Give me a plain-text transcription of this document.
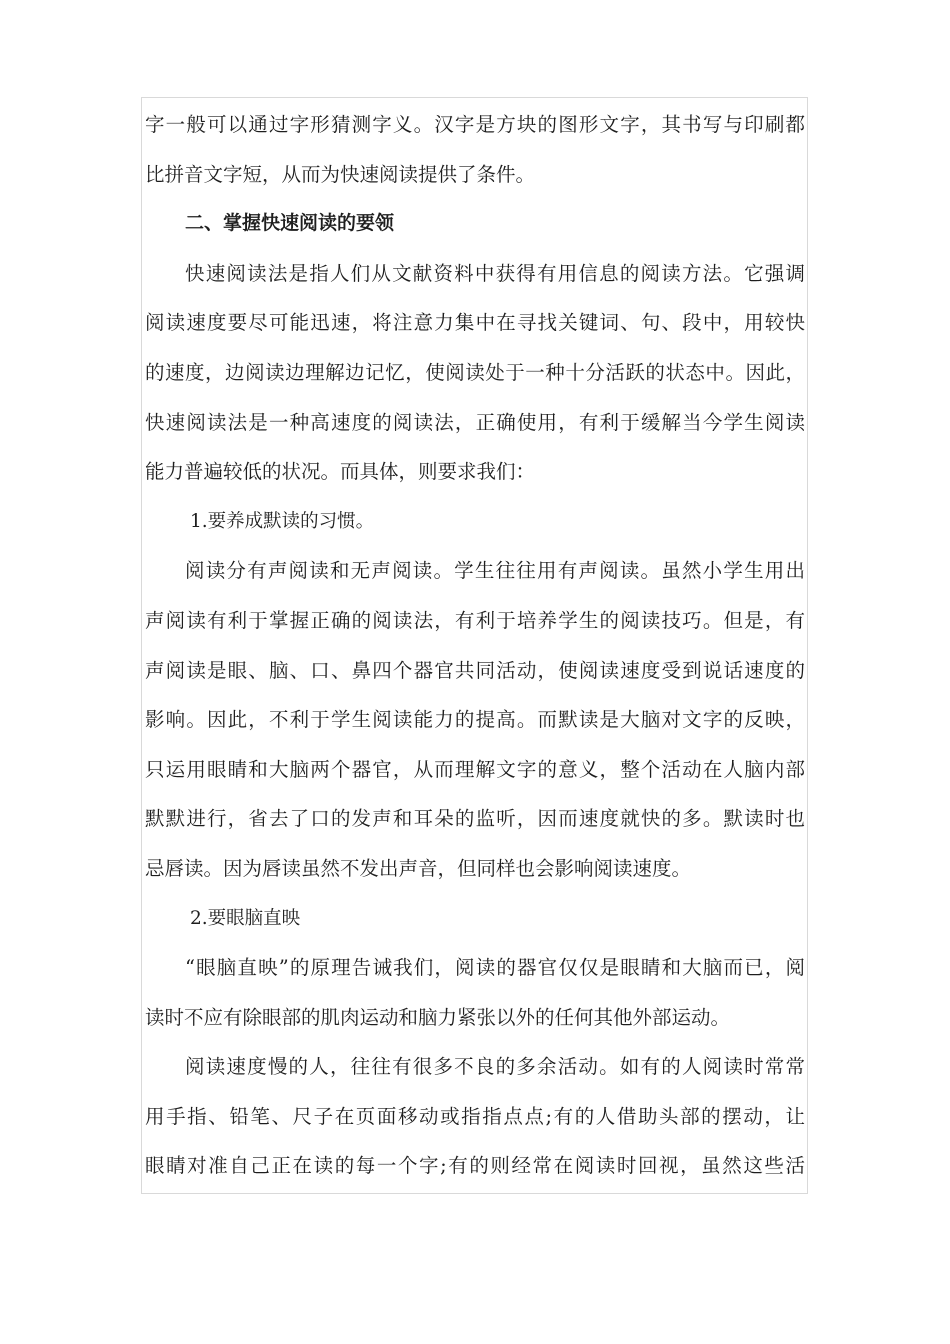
字一般可以通过字形猜测字义。汉字是方块的图形文字，其书写与印刷都
比拼音文字短，从而为快速阅读提供了条件。
二、掌握快速阅读的要领
快速阅读法是指人们从文献资料中获得有用信息的阅读方法。它强调
阅读速度要尽可能迅速，将注意力集中在寻找关键词、句、段中，用较快
的速度，边阅读边理解边记忆，使阅读处于一种十分活跃的状态中。因此，
快速阅读法是一种高速度的阅读法，正确使用，有利于缓解当今学生阅读
能力普遍较低的状况。而具体，则要求我们：
1.要养成默读的习惯。
阅读分有声阅读和无声阅读。学生往往用有声阅读。虽然小学生用出
声阅读有利于掌握正确的阅读法，有利于培养学生的阅读技巧。但是，有
声阅读是眼、脑、口、鼻四个器官共同活动，使阅读速度受到说话速度的
影响。因此，不利于学生阅读能力的提高。而默读是大脑对文字的反映，
只运用眼睛和大脑两个器官，从而理解文字的意义，整个活动在人脑内部
默默进行，省去了口的发声和耳朵的监听，因而速度就快的多。默读时也
忌唇读。因为唇读虽然不发出声音，但同样也会影响阅读速度。
2.要眼脑直映
“眼脑直映”的原理告诫我们，阅读的器官仅仅是眼睛和大脑而已，阅
读时不应有除眼部的肌肉运动和脑力紧张以外的任何其他外部运动。
阅读速度慢的人，往往有很多不良的多余活动。如有的人阅读时常常
用手指、铅笔、尺子在页面移动或指指点点;有的人借助头部的摆动，让
眼睛对准自己正在读的每一个字;有的则经常在阅读时回视，虽然这些活
